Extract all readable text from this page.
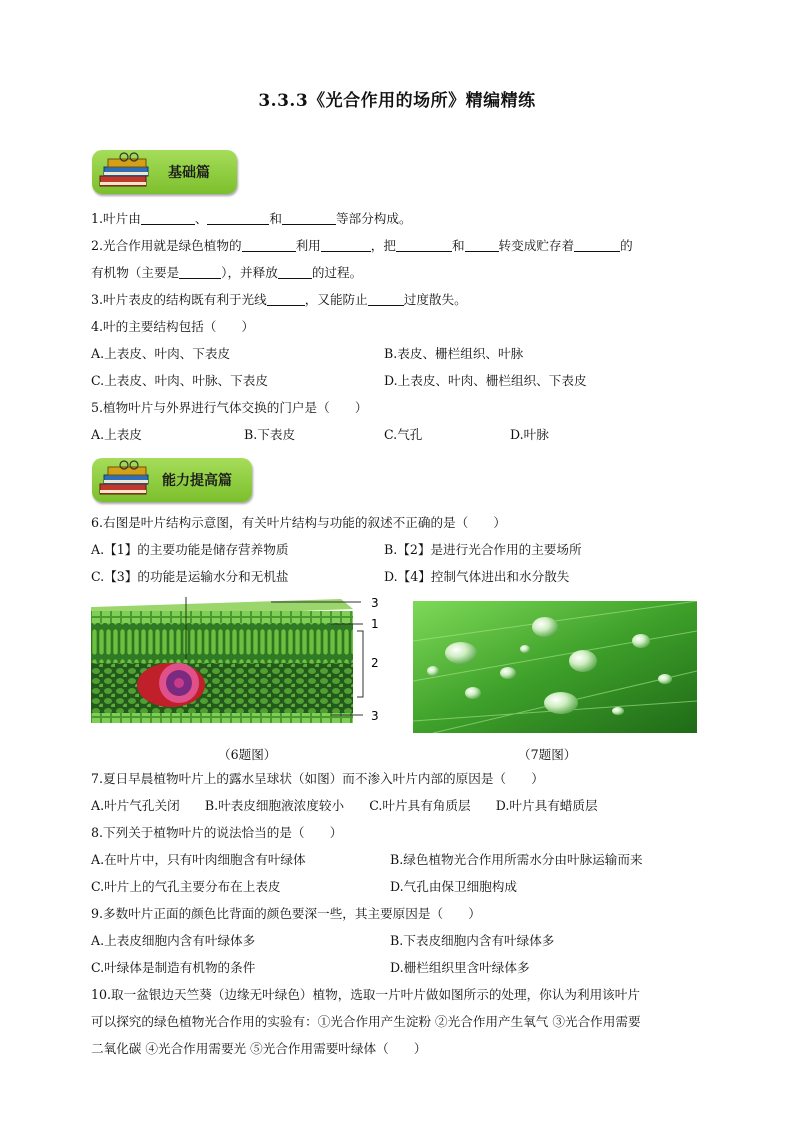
3.3.3《光合作用的场所》精编精练
基础篇
1.叶片由	、	和	等部分构成。
2.光合作用就是绿色植物的	利用	，把	和	转变成贮存着	的
有机物（主要是	），并释放	的过程。
3.叶片表皮的结构既有利于光线	，又能防止	过度散失。
4.叶的主要结构包括（　　）
A.上表皮、叶肉、下表皮	B.表皮、栅栏组织、叶脉
C.上表皮、叶肉、叶脉、下表皮	D.上表皮、叶肉、栅栏组织、下表皮
5.植物叶片与外界进行气体交换的门户是（　　）
A.上表皮	B.下表皮	C.气孔	D.叶脉
能力提高篇
6.右图是叶片结构示意图，有关叶片结构与功能的叙述不正确的是（　　）
A.【1】的主要功能是储存营养物质	B.【2】是进行光合作用的主要场所
C.【3】的功能是运输水分和无机盐	D.【4】控制气体进出和水分散失
3
1
2
3
（6题图）	（7题图）
7.夏日早晨植物叶片上的露水呈球状（如图）而不渗入叶片内部的原因是（　　）
A.叶片气孔关闭　　B.叶表皮细胞液浓度较小　　C.叶片具有角质层　　D.叶片具有蜡质层
8.下列关于植物叶片的说法恰当的是（　　）
A.在叶片中，只有叶肉细胞含有叶绿体	B.绿色植物光合作用所需水分由叶脉运输而来
C.叶片上的气孔主要分布在上表皮	D.气孔由保卫细胞构成
9.多数叶片正面的颜色比背面的颜色要深一些，其主要原因是（　　）
A.上表皮细胞内含有叶绿体多	B.下表皮细胞内含有叶绿体多
C.叶绿体是制造有机物的条件	D.栅栏组织里含叶绿体多
10.取一盆银边天竺葵（边缘无叶绿色）植物，选取一片叶片做如图所示的处理，你认为利用该叶片
可以探究的绿色植物光合作用的实验有：①光合作用产生淀粉 ②光合作用产生氧气 ③光合作用需要
二氧化碳 ④光合作用需要光 ⑤光合作用需要叶绿体（　　）
